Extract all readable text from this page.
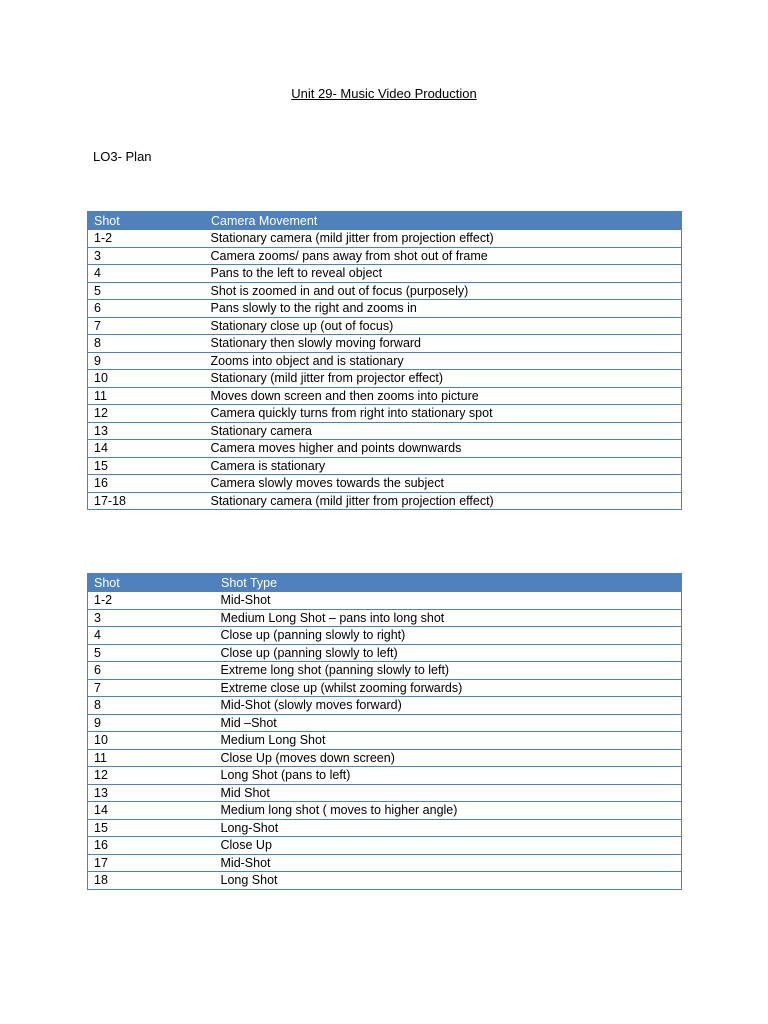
Unit 29- Music Video Production
LO3- Plan
Shot	Camera Movement
1-2	Stationary camera (mild jitter from projection effect)
3	Camera zooms/ pans away from shot out of frame
4	Pans to the left to reveal object
5	Shot is zoomed in and out of focus (purposely)
6	Pans slowly to the right and zooms in
7	Stationary close up (out of focus)
8	Stationary then slowly moving forward
9	Zooms into object and is stationary
10	Stationary (mild jitter from projector effect)
11	Moves down screen and then zooms into picture
12	Camera quickly turns from right into stationary spot
13	Stationary camera
14	Camera moves higher and points downwards
15	Camera is stationary
16	Camera slowly moves towards the subject
17-18	Stationary camera (mild jitter from projection effect)
Shot	Shot Type
1-2	Mid-Shot
3	Medium Long Shot – pans into long shot
4	Close up (panning slowly to right)
5	Close up (panning slowly to left)
6	Extreme long shot (panning slowly to left)
7	Extreme close up (whilst zooming forwards)
8	Mid-Shot (slowly moves forward)
9	Mid –Shot
10	Medium Long Shot
11	Close Up (moves down screen)
12	Long Shot (pans to left)
13	Mid Shot
14	Medium long shot ( moves to higher angle)
15	Long-Shot
16	Close Up
17	Mid-Shot
18	Long Shot
